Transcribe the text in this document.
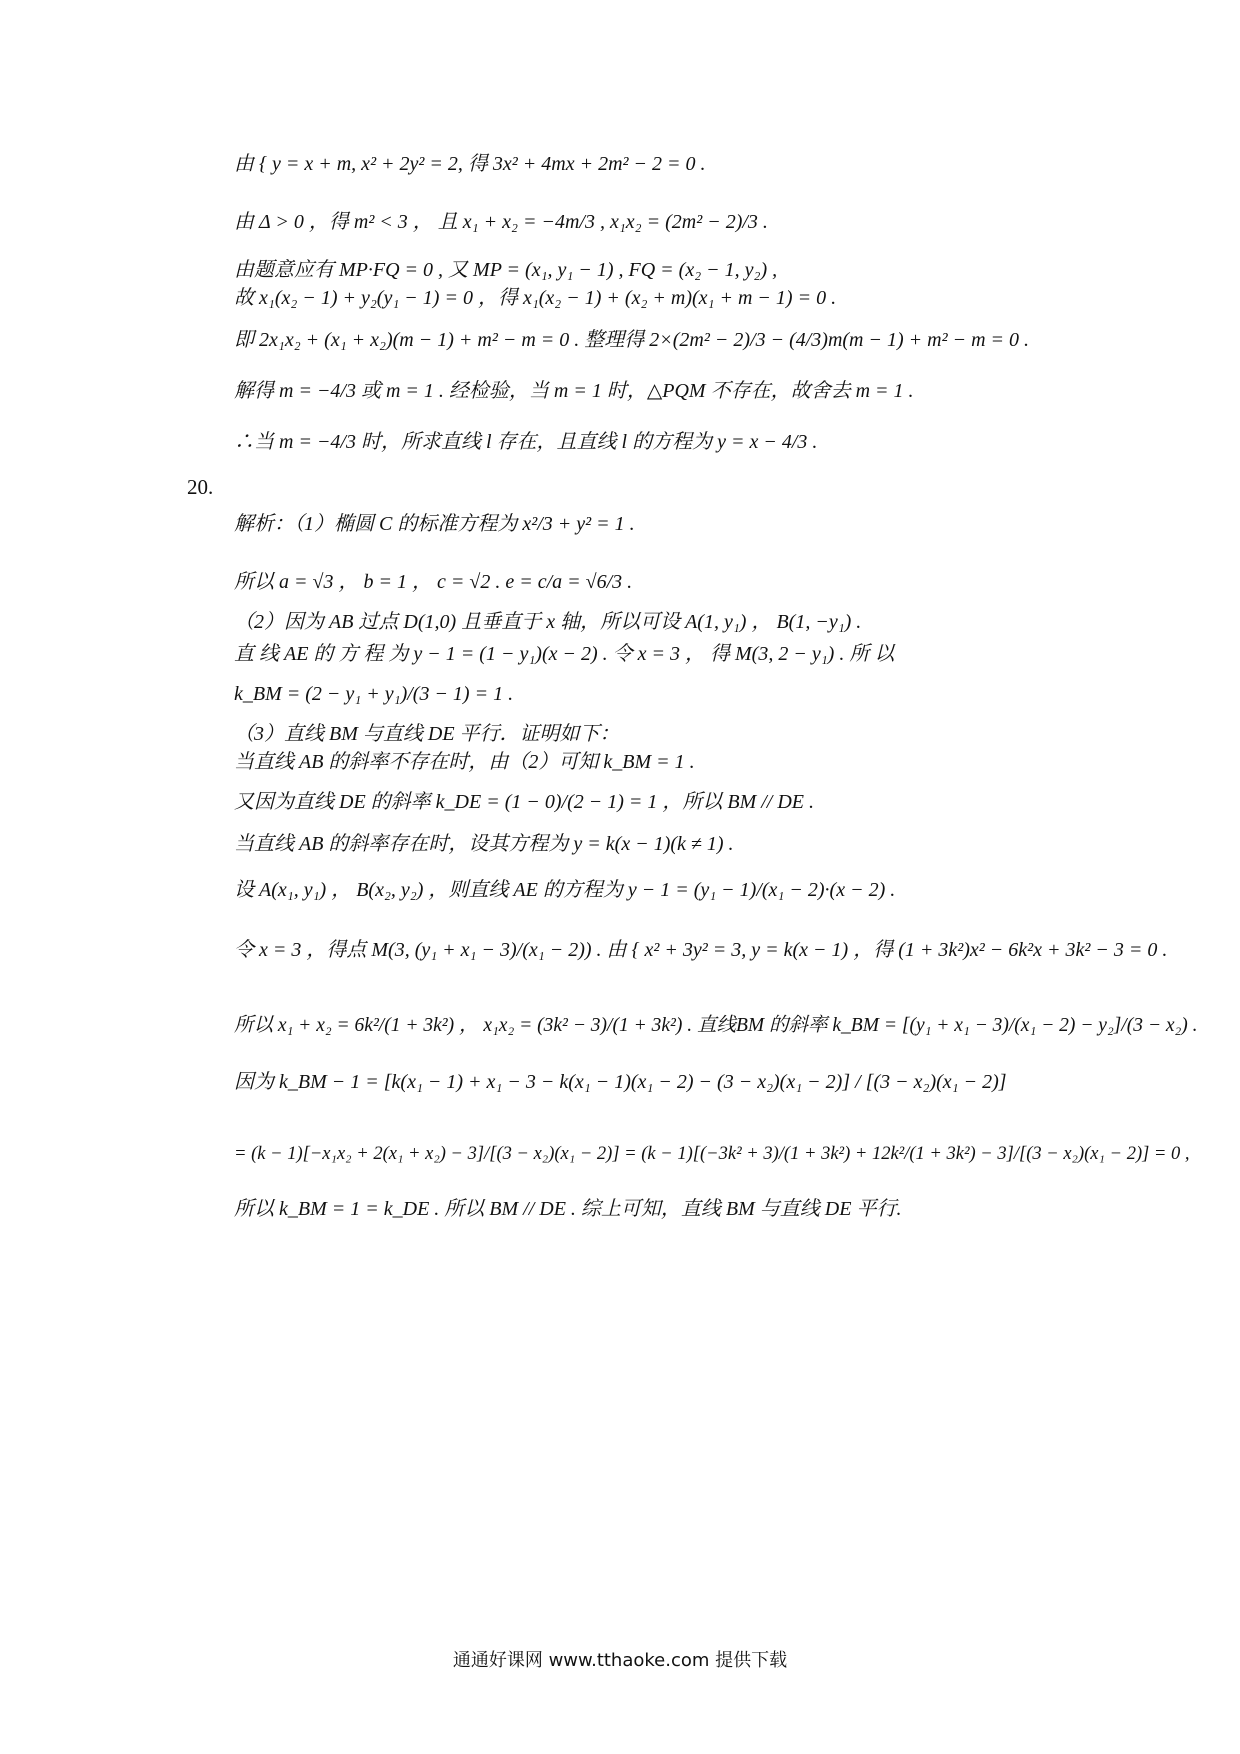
由 { y = x + m, x² + 2y² = 2, 得 3x² + 4mx + 2m² − 2 = 0 .
由 Δ > 0 ，得 m² < 3 ， 且 x₁ + x₂ = −4m/3 , x₁x₂ = (2m² − 2)/3 .
由题意应有 MP·FQ = 0 , 又 MP = (x₁, y₁ − 1) , FQ = (x₂ − 1, y₂) ,
故 x₁(x₂ − 1) + y₂(y₁ − 1) = 0 ，得 x₁(x₂ − 1) + (x₂ + m)(x₁ + m − 1) = 0 .
即 2x₁x₂ + (x₁ + x₂)(m − 1) + m² − m = 0 . 整理得 2×(2m² − 2)/3 − (4/3)m(m − 1) + m² − m = 0 .
解得 m = −4/3 或 m = 1 . 经检验，当 m = 1 时，△PQM 不存在，故舍去 m = 1 .
∴当 m = −4/3 时，所求直线 l 存在，且直线 l 的方程为 y = x − 4/3 .
20.
解析：（1）椭圆 C 的标准方程为 x²/3 + y² = 1 .
所以 a = √3 ， b = 1 ， c = √2 . e = c/a = √6/3 .
（2）因为 AB 过点 D(1,0) 且垂直于 x 轴，所以可设 A(1, y₁) ， B(1, −y₁) .
直 线 AE 的 方 程 为 y − 1 = (1 − y₁)(x − 2) . 令 x = 3 ， 得 M(3, 2 − y₁) . 所 以
k_BM = (2 − y₁ + y₁)/(3 − 1) = 1 .
（3）直线 BM 与直线 DE 平行．证明如下：
当直线 AB 的斜率不存在时，由（2）可知 k_BM = 1 .
又因为直线 DE 的斜率 k_DE = (1 − 0)/(2 − 1) = 1 ，所以 BM // DE .
当直线 AB 的斜率存在时，设其方程为 y = k(x − 1)(k ≠ 1) .
设 A(x₁, y₁) ， B(x₂, y₂) ，则直线 AE 的方程为 y − 1 = (y₁ − 1)/(x₁ − 2)·(x − 2) .
令 x = 3 ，得点 M(3, (y₁ + x₁ − 3)/(x₁ − 2)) . 由 { x² + 3y² = 3, y = k(x − 1) ，得 (1 + 3k²)x² − 6k²x + 3k² − 3 = 0 .
所以 x₁ + x₂ = 6k²/(1 + 3k²) ， x₁x₂ = (3k² − 3)/(1 + 3k²) . 直线BM 的斜率 k_BM = [(y₁ + x₁ − 3)/(x₁ − 2) − y₂]/(3 − x₂) .
因为 k_BM − 1 = [k(x₁ − 1) + x₁ − 3 − k(x₁ − 1)(x₁ − 2) − (3 − x₂)(x₁ − 2)] / [(3 − x₂)(x₁ − 2)]
= (k − 1)[−x₁x₂ + 2(x₁ + x₂) − 3]/[(3 − x₂)(x₁ − 2)] = (k − 1)[(−3k² + 3)/(1 + 3k²) + 12k²/(1 + 3k²) − 3]/[(3 − x₂)(x₁ − 2)] = 0 ,
所以 k_BM = 1 = k_DE . 所以 BM // DE . 综上可知，直线 BM 与直线 DE 平行.
通通好课网 www.tthaoke.com 提供下载
